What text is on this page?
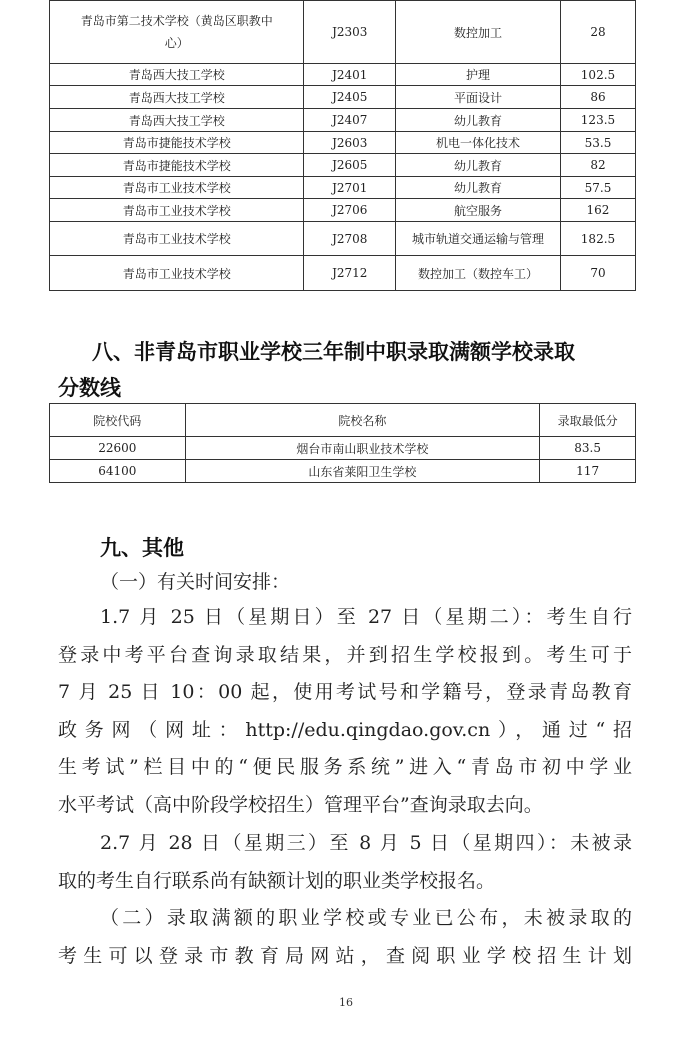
青岛市第二技术学校（黄岛区职教中心）	J2303	数控加工	28
青岛西大技工学校	J2401	护理	102.5
青岛西大技工学校	J2405	平面设计	86
青岛西大技工学校	J2407	幼儿教育	123.5
青岛市捷能技术学校	J2603	机电一体化技术	53.5
青岛市捷能技术学校	J2605	幼儿教育	82
青岛市工业技术学校	J2701	幼儿教育	57.5
青岛市工业技术学校	J2706	航空服务	162
青岛市工业技术学校	J2708	城市轨道交通运输与管理	182.5
青岛市工业技术学校	J2712	数控加工（数控车工）	70
八、非青岛市职业学校三年制中职录取满额学校录取
分数线
院校代码	院校名称	录取最低分
22600	烟台市南山职业技术学校	83.5
64100	山东省莱阳卫生学校	117
九、其他
（一）有关时间安排：
1.7 月 25 日（星期日）至 27 日（星期二）：考生自行
登录中考平台查询录取结果，并到招生学校报到。考生可于
7 月 25 日 10：00 起，使用考试号和学籍号，登录青岛教育
政务网（网址：http://edu.qingdao.gov.cn），通过“招
生考试”栏目中的“便民服务系统”进入“青岛市初中学业
水平考试（高中阶段学校招生）管理平台”查询录取去向。
2.7 月 28 日（星期三）至 8 月 5 日（星期四）：未被录
取的考生自行联系尚有缺额计划的职业类学校报名。
（二）录取满额的职业学校或专业已公布，未被录取的
考生可以登录市教育局网站，查阅职业学校招生计划
16
